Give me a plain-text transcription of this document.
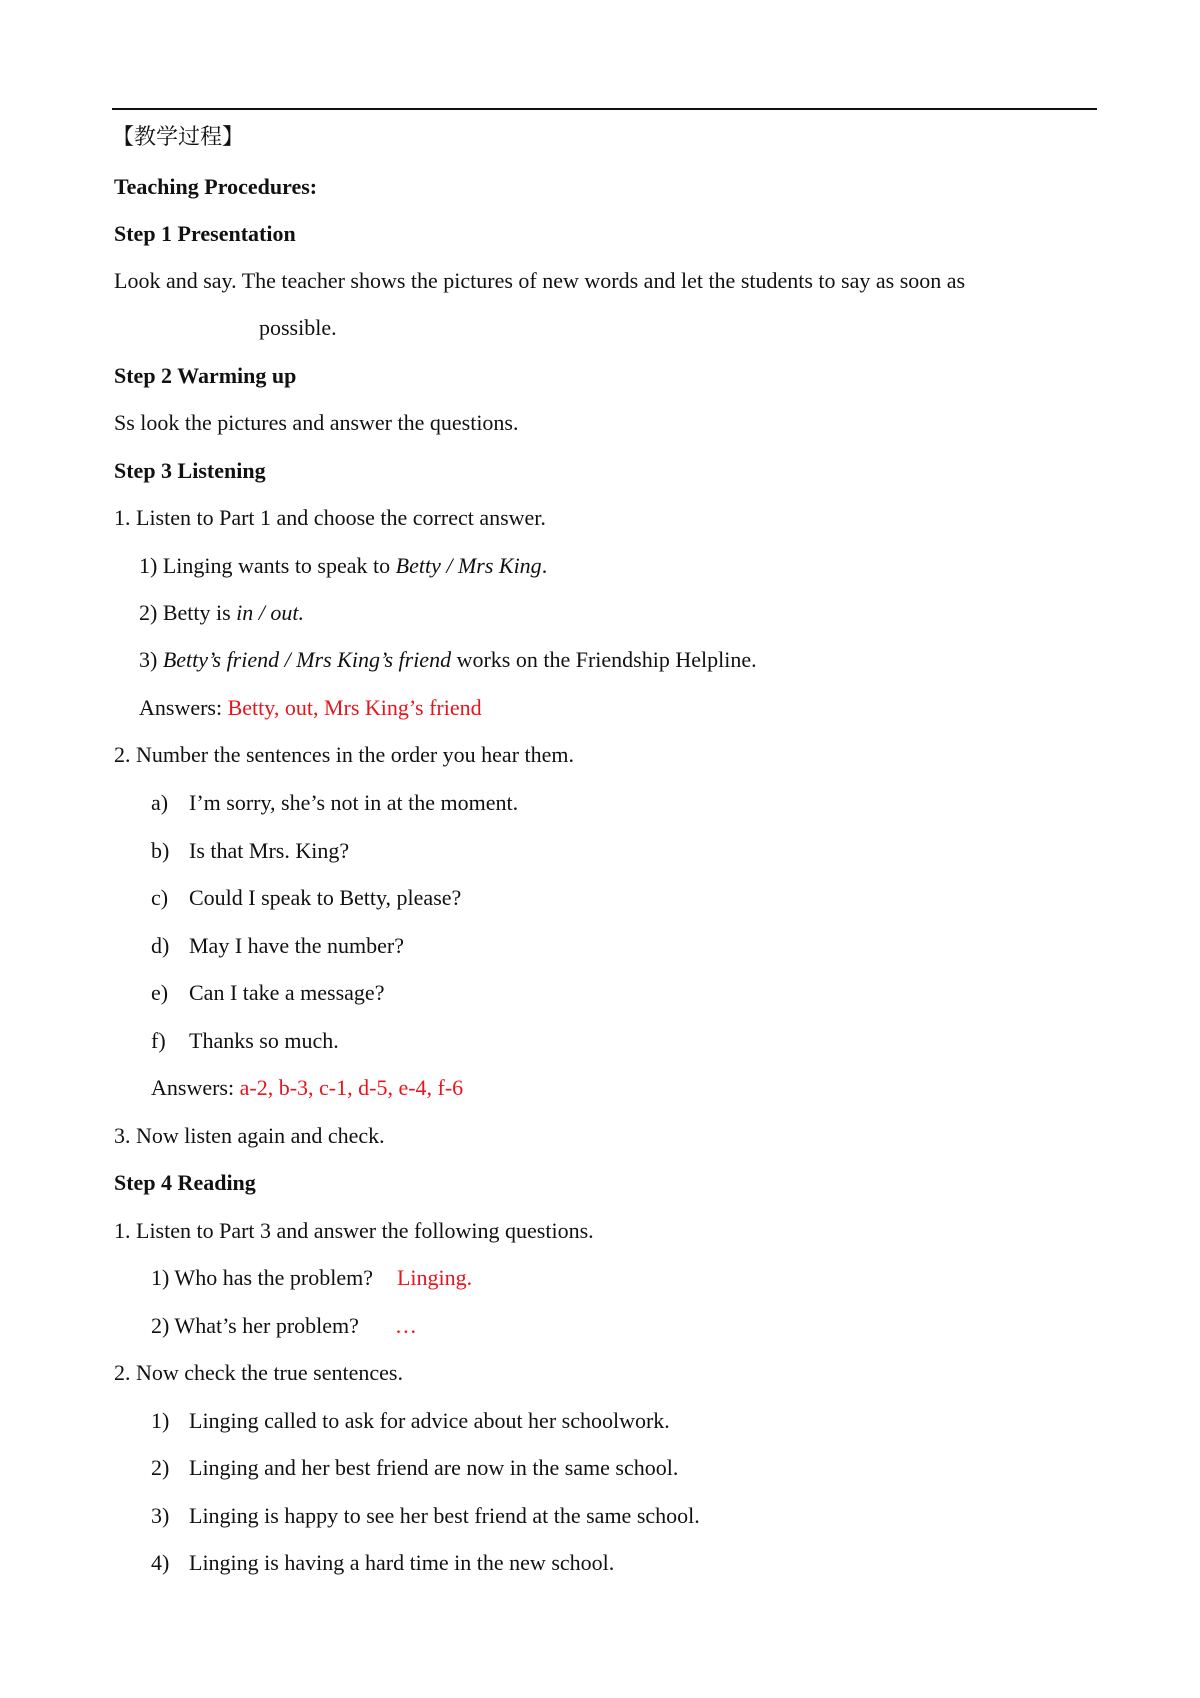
【教学过程】
Teaching Procedures:
Step 1 Presentation
Look and say. The teacher shows the pictures of new words and let the students to say as soon as
possible.
Step 2 Warming up
Ss look the pictures and answer the questions.
Step 3 Listening
1. Listen to Part 1 and choose the correct answer.
1) Linging wants to speak to Betty / Mrs King.
2) Betty is in / out.
3) Betty’s friend / Mrs King’s friend works on the Friendship Helpline.
Answers: Betty, out, Mrs King’s friend
2. Number the sentences in the order you hear them.
a) I’m sorry, she’s not in at the moment.
b) Is that Mrs. King?
c) Could I speak to Betty, please?
d) May I have the number?
e) Can I take a message?
f) Thanks so much.
Answers: a-2, b-3, c-1, d-5, e-4, f-6
3. Now listen again and check.
Step 4 Reading
1. Listen to Part 3 and answer the following questions.
1) Who has the problem? Linging.
2) What’s her problem? …
2. Now check the true sentences.
1) Linging called to ask for advice about her schoolwork.
2) Linging and her best friend are now in the same school.
3) Linging is happy to see her best friend at the same school.
4) Linging is having a hard time in the new school.
